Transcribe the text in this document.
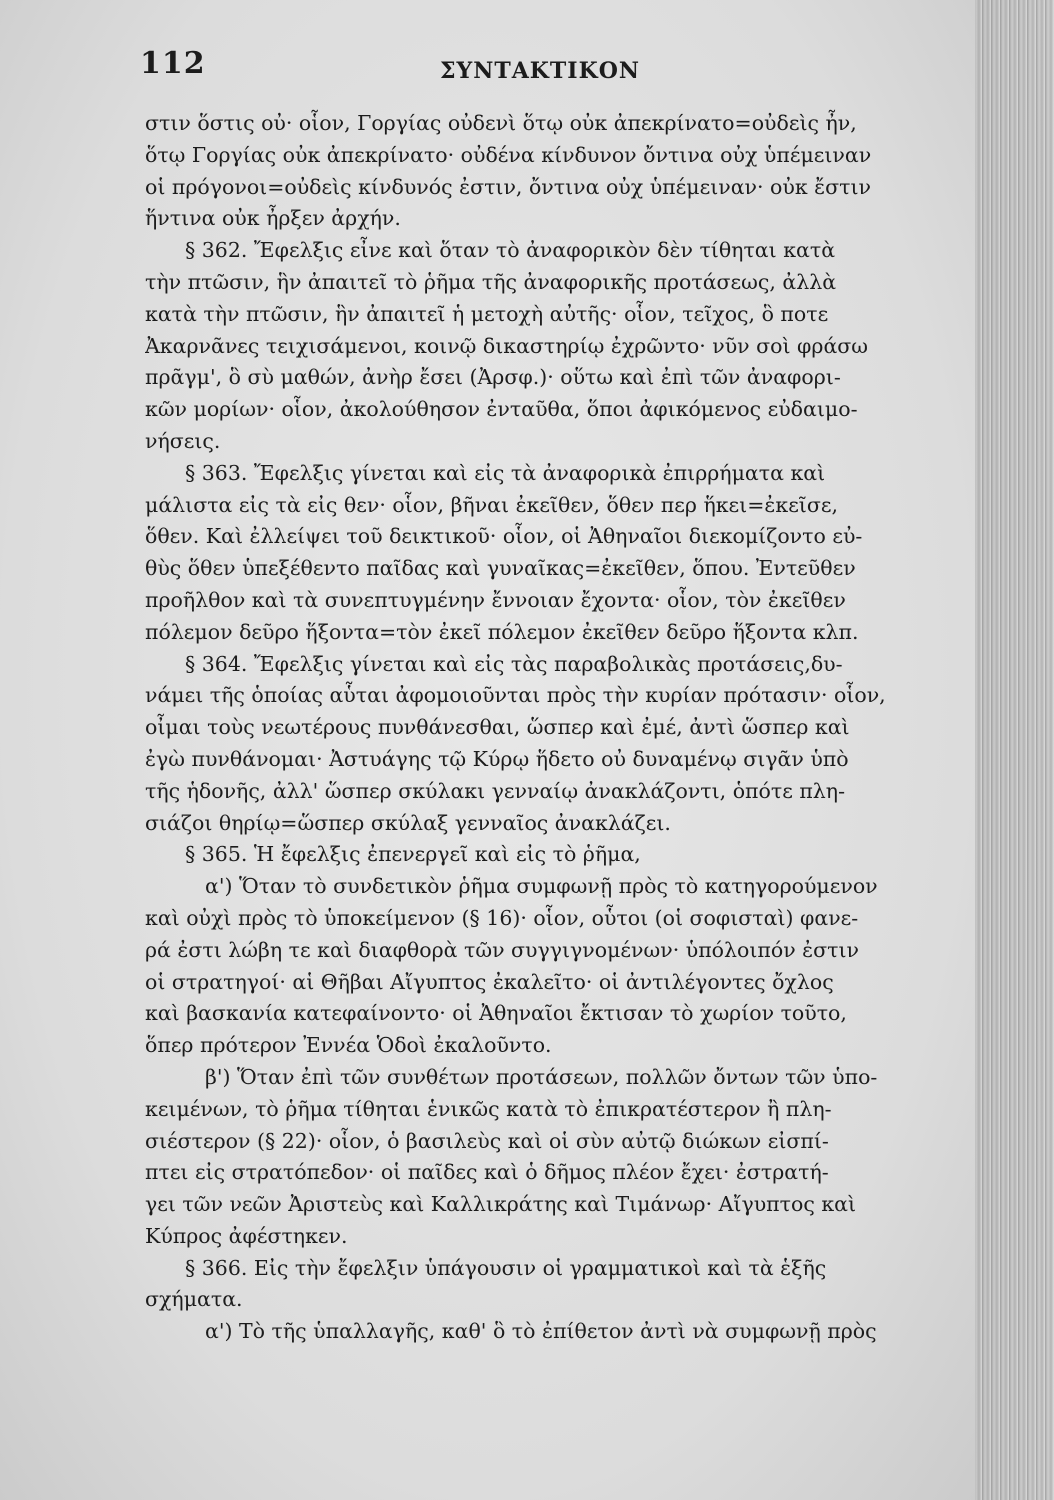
112	ΣΥΝΤΑΚΤΙΚΟΝ
στιν ὅστις οὐ· οἷον, Γοργίας οὐδενὶ ὅτῳ οὐκ ἀπεκρίνατο=οὐδεὶς ἦν,
ὅτῳ Γοργίας οὐκ ἀπεκρίνατο· οὐδένα κίνδυνον ὄντινα οὐχ ὑπέμειναν
οἱ πρόγονοι=οὐδεὶς κίνδυνός ἐστιν, ὄντινα οὐχ ὑπέμειναν· οὐκ ἔστιν
ἥντινα οὐκ ἦρξεν ἀρχήν.
§ 362. Ἔφελξις εἶνε καὶ ὅταν τὸ ἀναφορικὸν δὲν τίθηται κατὰ
τὴν πτῶσιν, ἣν ἀπαιτεῖ τὸ ῥῆμα τῆς ἀναφορικῆς προτάσεως, ἀλλὰ
κατὰ τὴν πτῶσιν, ἣν ἀπαιτεῖ ἡ μετοχὴ αὐτῆς· οἷον, τεῖχος, ὃ ποτε
Ἀκαρνᾶνες τειχισάμενοι, κοινῷ δικαστηρίῳ ἐχρῶντο· νῦν σοὶ φράσω
πρᾶγμ', ὃ σὺ μαθών, ἀνὴρ ἔσει (Ἀρσφ.)· οὕτω καὶ ἐπὶ τῶν ἀναφορι-
κῶν μορίων· οἷον, ἀκολούθησον ἐνταῦθα, ὅποι ἀφικόμενος εὐδαιμο-
νήσεις.
§ 363. Ἔφελξις γίνεται καὶ εἰς τὰ ἀναφορικὰ ἐπιρρήματα καὶ
μάλιστα εἰς τὰ εἰς θεν· οἷον, βῆναι ἐκεῖθεν, ὅθεν περ ἥκει=ἐκεῖσε,
ὅθεν. Καὶ ἐλλείψει τοῦ δεικτικοῦ· οἷον, οἱ Ἀθηναῖοι διεκομίζοντο εὐ-
θὺς ὅθεν ὑπεξέθεντο παῖδας καὶ γυναῖκας=ἐκεῖθεν, ὅπου. Ἐντεῦθεν
προῆλθον καὶ τὰ συνεπτυγμένην ἔννοιαν ἔχοντα· οἷον, τὸν ἐκεῖθεν
πόλεμον δεῦρο ἥξοντα=τὸν ἐκεῖ πόλεμον ἐκεῖθεν δεῦρο ἥξοντα κλπ.
§ 364. Ἔφελξις γίνεται καὶ εἰς τὰς παραβολικὰς προτάσεις,δυ-
νάμει τῆς ὁποίας αὗται ἀφομοιοῦνται πρὸς τὴν κυρίαν πρότασιν· οἷον,
οἶμαι τοὺς νεωτέρους πυνθάνεσθαι, ὥσπερ καὶ ἐμέ, ἀντὶ ὥσπερ καὶ
ἐγὼ πυνθάνομαι· Ἀστυάγης τῷ Κύρῳ ἥδετο οὐ δυναμένῳ σιγᾶν ὑπὸ
τῆς ἡδονῆς, ἀλλ' ὥσπερ σκύλακι γενναίῳ ἀνακλάζοντι, ὁπότε πλη-
σιάζοι θηρίῳ=ὥσπερ σκύλαξ γενναῖος ἀνακλάζει.
§ 365. Ἡ ἔφελξις ἐπενεργεῖ καὶ εἰς τὸ ῥῆμα,
α') Ὅταν τὸ συνδετικὸν ῥῆμα συμφωνῇ πρὸς τὸ κατηγορούμενον
καὶ οὐχὶ πρὸς τὸ ὑποκείμενον (§ 16)· οἷον, οὗτοι (οἱ σοφισταὶ) φανε-
ρά ἐστι λώβη τε καὶ διαφθορὰ τῶν συγγιγνομένων· ὑπόλοιπόν ἐστιν
οἱ στρατηγοί· αἱ Θῆβαι Αἴγυπτος ἐκαλεῖτο· οἱ ἀντιλέγοντες ὄχλος
καὶ βασκανία κατεφαίνοντο· οἱ Ἀθηναῖοι ἔκτισαν τὸ χωρίον τοῦτο,
ὅπερ πρότερον Ἐννέα Ὁδοὶ ἐκαλοῦντο.
β') Ὅταν ἐπὶ τῶν συνθέτων προτάσεων, πολλῶν ὄντων τῶν ὑπο-
κειμένων, τὸ ῥῆμα τίθηται ἑνικῶς κατὰ τὸ ἐπικρατέστερον ἢ πλη-
σιέστερον (§ 22)· οἷον, ὁ βασιλεὺς καὶ οἱ σὺν αὐτῷ διώκων εἰσπί-
πτει εἰς στρατόπεδον· οἱ παῖδες καὶ ὁ δῆμος πλέον ἔχει· ἐστρατή-
γει τῶν νεῶν Ἀριστεὺς καὶ Καλλικράτης καὶ Τιμάνωρ· Αἴγυπτος καὶ
Κύπρος ἀφέστηκεν.
§ 366. Εἰς τὴν ἔφελξιν ὑπάγουσιν οἱ γραμματικοὶ καὶ τὰ ἑξῆς
σχήματα.
α') Τὸ τῆς ὑπαλλαγῆς, καθ' ὃ τὸ ἐπίθετον ἀντὶ νὰ συμφωνῇ πρὸς
